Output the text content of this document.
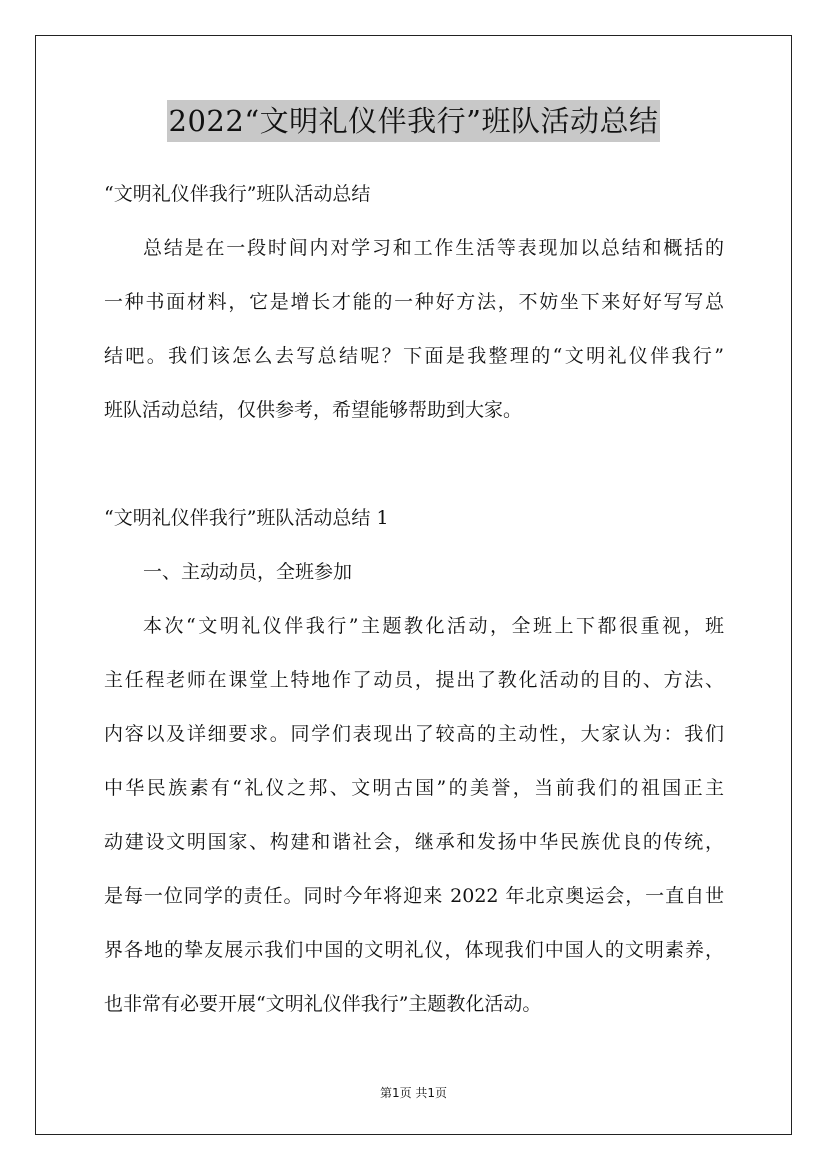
2022“文明礼仪伴我行”班队活动总结
“文明礼仪伴我行”班队活动总结
总结是在一段时间内对学习和工作生活等表现加以总结和概括的
一种书面材料，它是增长才能的一种好方法，不妨坐下来好好写写总
结吧。我们该怎么去写总结呢？下面是我整理的“文明礼仪伴我行”
班队活动总结，仅供参考，希望能够帮助到大家。
“文明礼仪伴我行”班队活动总结 1
一、主动动员，全班参加
本次“文明礼仪伴我行”主题教化活动，全班上下都很重视，班
主任程老师在课堂上特地作了动员，提出了教化活动的目的、方法、
内容以及详细要求。同学们表现出了较高的主动性，大家认为：我们
中华民族素有“礼仪之邦、文明古国”的美誉，当前我们的祖国正主
动建设文明国家、构建和谐社会，继承和发扬中华民族优良的传统，
是每一位同学的责任。同时今年将迎来 2022 年北京奥运会，一直自世
界各地的挚友展示我们中国的文明礼仪，体现我们中国人的文明素养，
也非常有必要开展“文明礼仪伴我行”主题教化活动。
第1页 共1页
